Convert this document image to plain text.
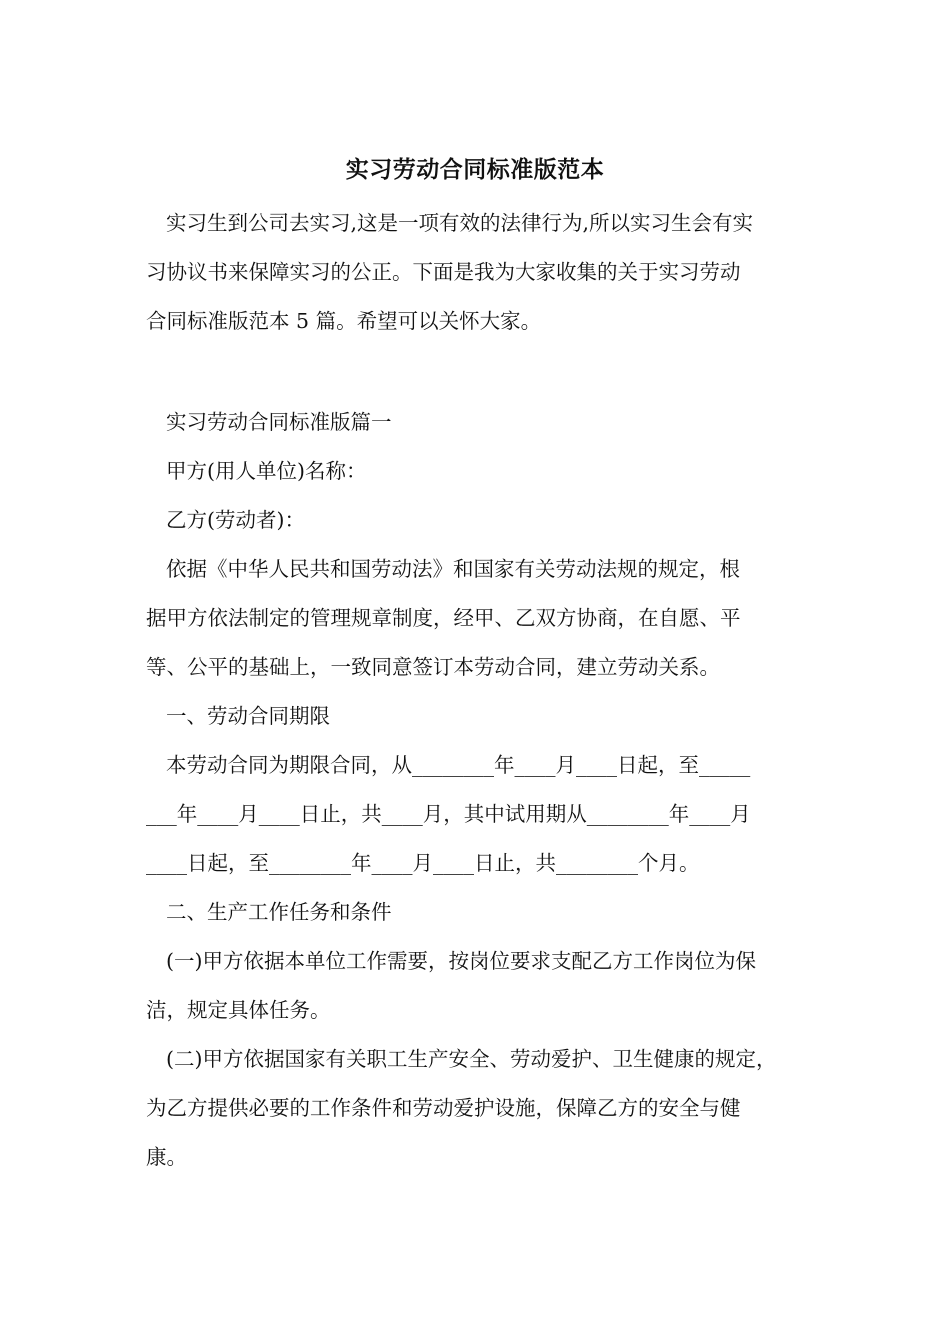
实习劳动合同标准版范本
实习生到公司去实习,这是一项有效的法律行为,所以实习生会有实
习协议书来保障实习的公正。下面是我为大家收集的关于实习劳动
合同标准版范本 5 篇。希望可以关怀大家。
实习劳动合同标准版篇一
甲方(用人单位)名称：
乙方(劳动者)：
依据《中华人民共和国劳动法》和国家有关劳动法规的规定，根
据甲方依法制定的管理规章制度，经甲、乙双方协商，在自愿、平
等、公平的基础上，一致同意签订本劳动合同，建立劳动关系。
一、劳动合同期限
本劳动合同为期限合同，从________年____月____日起，至_____
___年____月____日止，共____月，其中试用期从________年____月
____日起，至________年____月____日止，共________个月。
二、生产工作任务和条件
(一)甲方依据本单位工作需要，按岗位要求支配乙方工作岗位为保
洁，规定具体任务。
(二)甲方依据国家有关职工生产安全、劳动爱护、卫生健康的规定，
为乙方提供必要的工作条件和劳动爱护设施，保障乙方的安全与健
康。
